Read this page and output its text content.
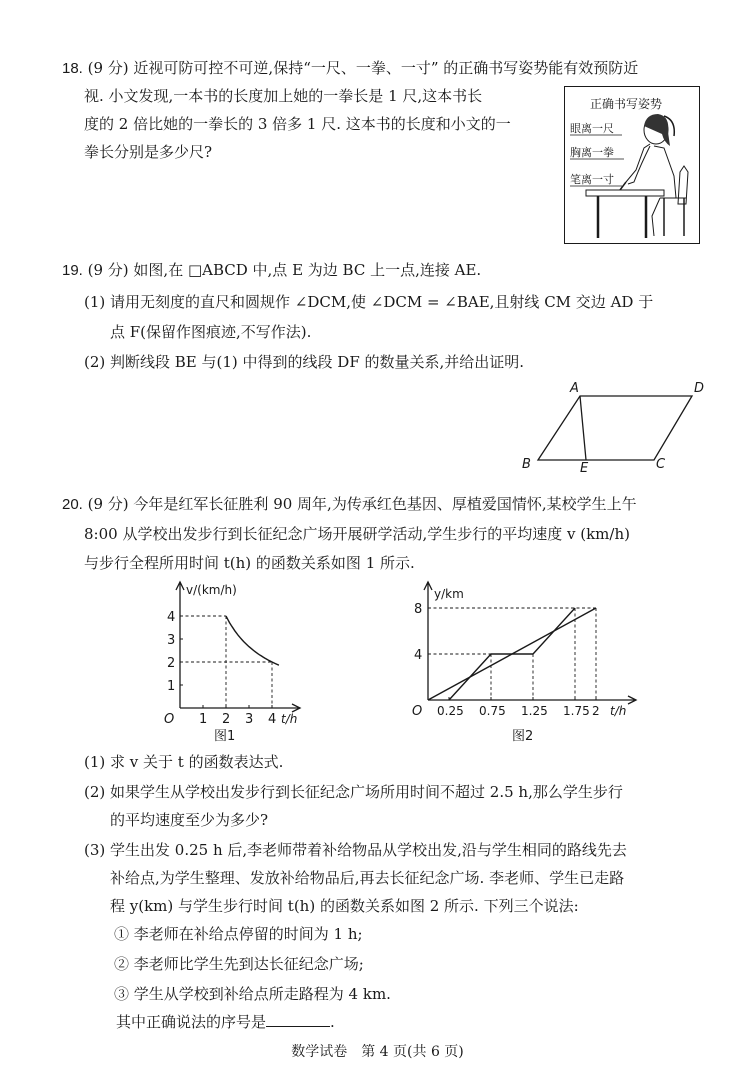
18. (9 分) 近视可防可控不可逆,保持“一尺、一拳、一寸” 的正确书写姿势能有效预防近
视. 小文发现,一本书的长度加上她的一拳长是 1 尺,这本书长
度的 2 倍比她的一拳长的 3 倍多 1 尺. 这本书的长度和小文的一
拳长分别是多少尺?
正确书写姿势
眼离一尺
胸离一拳
笔离一寸
19. (9 分) 如图,在 □ABCD 中,点 E 为边 BC 上一点,连接 AE.
(1) 请用无刻度的直尺和圆规作 ∠DCM,使 ∠DCM = ∠BAE,且射线 CM 交边 AD 于
点 F(保留作图痕迹,不写作法).
(2) 判断线段 BE 与(1) 中得到的线段 DF 的数量关系,并给出证明.
A	D
B	C
E
20. (9 分) 今年是红军长征胜利 90 周年,为传承红色基因、厚植爱国情怀,某校学生上午
8:00 从学校出发步行到长征纪念广场开展研学活动,学生步行的平均速度 v (km/h)
与步行全程所用时间 t(h) 的函数关系如图 1 所示.
O
v/(km/h)
t/h
1 2 3 4
1
2
3
4
图1
O
y/km
t/h
0.25 0.75 1.25 1.75 2
4
8
图2
(1) 求 v 关于 t 的函数表达式.
(2) 如果学生从学校出发步行到长征纪念广场所用时间不超过 2.5 h,那么学生步行
的平均速度至少为多少?
(3) 学生出发 0.25 h 后,李老师带着补给物品从学校出发,沿与学生相同的路线先去
补给点,为学生整理、发放补给物品后,再去长征纪念广场. 李老师、学生已走路
程 y(km) 与学生步行时间 t(h) 的函数关系如图 2 所示. 下列三个说法:
① 李老师在补给点停留的时间为 1 h;
② 李老师比学生先到达长征纪念广场;
③ 学生从学校到补给点所走路程为 4 km.
其中正确说法的序号是	.
数学试卷　第 4 页(共 6 页)
